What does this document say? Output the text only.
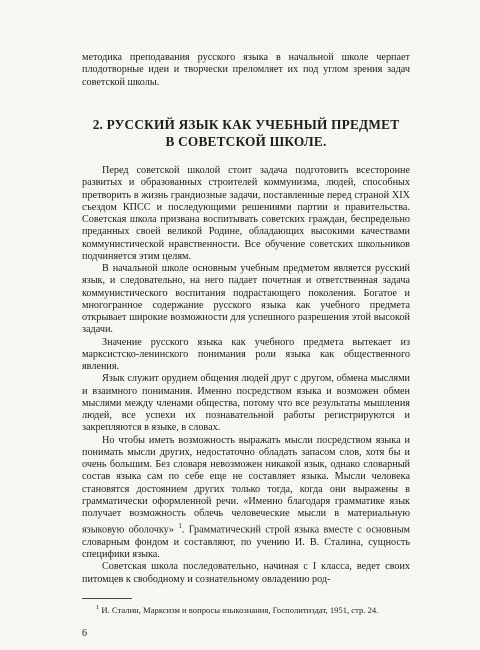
методика преподавания русского языка в начальной школе черпает плодотворные идеи и творчески преломляет их под углом зрения задач советской школы.

2. РУССКИЙ ЯЗЫК КАК УЧЕБНЫЙ ПРЕДМЕТ
В СОВЕТСКОЙ ШКОЛЕ.

Перед советской школой стоит задача подготовить всесторонне развитых и образованных строителей коммунизма, людей, способных претворить в жизнь грандиозные задачи, поставленные перед страной XIX съездом КПСС и последующими решениями партии и правительства. Советская школа призвана воспитывать советских граждан, беспредельно преданных своей великой Родине, обладающих высокими качествами коммунистической нравственности. Все обучение советских школьников подчиняется этим целям.

В начальной школе основным учебным предметом является русский язык, и следовательно, на него падает почетная и ответственная задача коммунистического воспитания подрастающего поколения. Богатое и многогранное содержание русского языка как учебного предмета открывает широкие возможности для успешного разрешения этой высокой задачи.

Значение русского языка как учебного предмета вытекает из марксистско-ленинского понимания роли языка как общественного явления.

Язык служит орудием общения людей друг с другом, обмена мыслями и взаимного понимания. Именно посредством языка и возможен обмен мыслями между членами общества, потому что все результаты мышления людей, все успехи их познавательной работы регистрируются и закрепляются в языке, в словах.

Но чтобы иметь возможность выражать мысли посредством языка и понимать мысли других, недостаточно обладать запасом слов, хотя бы и очень большим. Без словаря невозможен никакой язык, однако словарный состав языка сам по себе еще не составляет языка. Мысли человека становятся достоянием других только тогда, когда они выражены в грамматически оформленной речи. «Именно благодаря грамматике язык получает возможность облечь человеческие мысли в материальную языковую оболочку» $^1$. Грамматический строй языка вместе с основным словарным фондом и составляют, по учению И. В. Сталина, сущность специфики языка.

Советская школа последовательно, начиная с I класса, ведет своих питомцев к свободному и сознательному овладению род-

$^1$ И. Сталин, Марксизм и вопросы языкознания, Госполитиздат, 1951, стр. 24.

6
